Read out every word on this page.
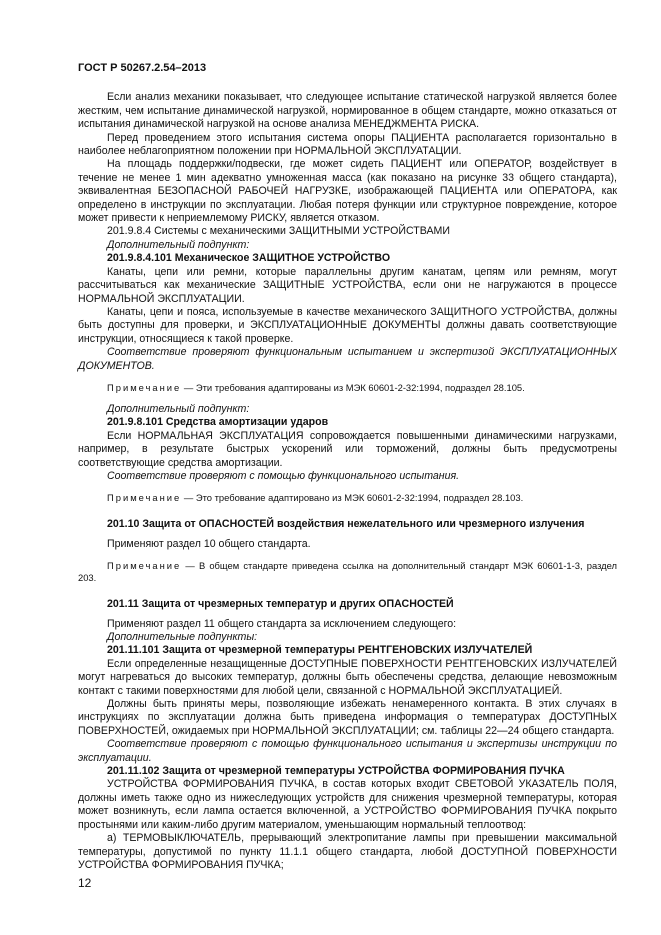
ГОСТ Р 50267.2.54–2013

Если анализ механики показывает, что следующее испытание статической нагрузкой является более жестким, чем испытание динамической нагрузкой, нормированное в общем стандарте, можно отказаться от испытания динамической нагрузкой на основе анализа МЕНЕДЖМЕНТА РИСКА.

Перед проведением этого испытания система опоры ПАЦИЕНТА располагается горизонтально в наиболее неблагоприятном положении при НОРМАЛЬНОЙ ЭКСПЛУАТАЦИИ.

На площадь поддержки/подвески, где может сидеть ПАЦИЕНТ или ОПЕРАТОР, воздействует в течение не менее 1 мин адекватно умноженная масса (как показано на рисунке 33 общего стандарта), эквивалентная БЕЗОПАСНОЙ РАБОЧЕЙ НАГРУЗКЕ, изображающей ПАЦИЕНТА или ОПЕРАТОРА, как определено в инструкции по эксплуатации. Любая потеря функции или структурное повреждение, которое может привести к неприемлемому РИСКУ, является отказом.

201.9.8.4 Системы с механическими ЗАЩИТНЫМИ УСТРОЙСТВАМИ

Дополнительный подпункт:

201.9.8.4.101 Механическое ЗАЩИТНОЕ УСТРОЙСТВО

Канаты, цепи или ремни, которые параллельны другим канатам, цепям или ремням, могут рассчитываться как механические ЗАЩИТНЫЕ УСТРОЙСТВА, если они не нагружаются в процессе НОРМАЛЬНОЙ ЭКСПЛУАТАЦИИ.

Канаты, цепи и пояса, используемые в качестве механического ЗАЩИТНОГО УСТРОЙСТВА, должны быть доступны для проверки, и ЭКСПЛУАТАЦИОННЫЕ ДОКУМЕНТЫ должны давать соответствующие инструкции, относящиеся к такой проверке.

Соответствие проверяют функциональным испытанием и экспертизой ЭКСПЛУАТАЦИОННЫХ ДОКУМЕНТОВ.

Примечание — Эти требования адаптированы из МЭК 60601-2-32:1994, подраздел 28.105.

Дополнительный подпункт:

201.9.8.101 Средства амортизации ударов

Если НОРМАЛЬНАЯ ЭКСПЛУАТАЦИЯ сопровождается повышенными динамическими нагрузками, например, в результате быстрых ускорений или торможений, должны быть предусмотрены соответствующие средства амортизации.

Соответствие проверяют с помощью функционального испытания.

Примечание — Это требование адаптировано из МЭК 60601-2-32:1994, подраздел 28.103.

201.10 Защита от ОПАСНОСТЕЙ воздействия нежелательного или чрезмерного излучения

Применяют раздел 10 общего стандарта.

Примечание — В общем стандарте приведена ссылка на дополнительный стандарт МЭК 60601-1-3, раздел 203.

201.11 Защита от чрезмерных температур и других ОПАСНОСТЕЙ

Применяют раздел 11 общего стандарта за исключением следующего:

Дополнительные подпункты:

201.11.101 Защита от чрезмерной температуры РЕНТГЕНОВСКИХ ИЗЛУЧАТЕЛЕЙ

Если определенные незащищенные ДОСТУПНЫЕ ПОВЕРХНОСТИ РЕНТГЕНОВСКИХ ИЗЛУЧАТЕЛЕЙ могут нагреваться до высоких температур, должны быть обеспечены средства, делающие невозможным контакт с такими поверхностями для любой цели, связанной с НОРМАЛЬНОЙ ЭКСПЛУАТАЦИЕЙ.

Должны быть приняты меры, позволяющие избежать ненамеренного контакта. В этих случаях в инструкциях по эксплуатации должна быть приведена информация о температурах ДОСТУПНЫХ ПОВЕРХНОСТЕЙ, ожидаемых при НОРМАЛЬНОЙ ЭКСПЛУАТАЦИИ; см. таблицы 22—24 общего стандарта.

Соответствие проверяют с помощью функционального испытания и экспертизы инструкции по эксплуатации.

201.11.102 Защита от чрезмерной температуры УСТРОЙСТВА ФОРМИРОВАНИЯ ПУЧКА

УСТРОЙСТВА ФОРМИРОВАНИЯ ПУЧКА, в состав которых входит СВЕТОВОЙ УКАЗАТЕЛЬ ПОЛЯ, должны иметь также одно из нижеследующих устройств для снижения чрезмерной температуры, которая может возникнуть, если лампа остается включенной, а УСТРОЙСТВО ФОРМИРОВАНИЯ ПУЧКА покрыто простынями или каким-либо другим материалом, уменьшающим нормальный теплоотвод:

а) ТЕРМОВЫКЛЮЧАТЕЛЬ, прерывающий электропитание лампы при превышении максимальной температуры, допустимой по пункту 11.1.1 общего стандарта, любой ДОСТУПНОЙ ПОВЕРХНОСТИ УСТРОЙСТВА ФОРМИРОВАНИЯ ПУЧКА;

12
